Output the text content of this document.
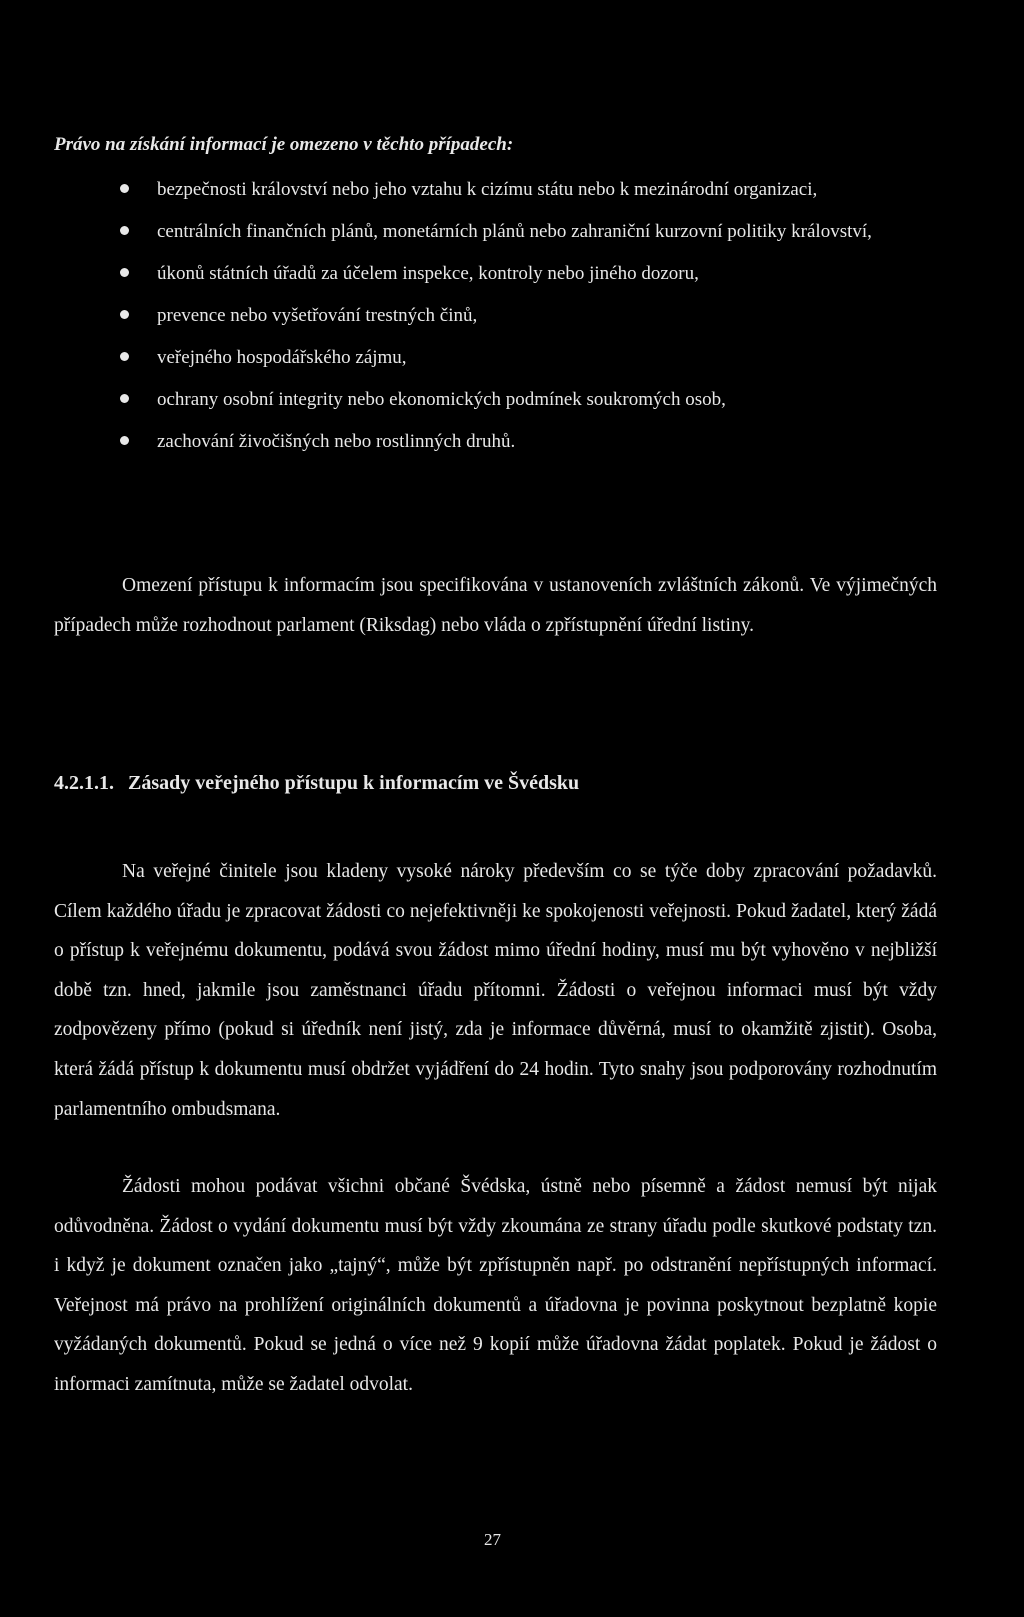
Právo na získání informací je omezeno v těchto případech:

bezpečnosti království nebo jeho vztahu k cizímu státu nebo k mezinárodní organizaci,
centrálních finančních plánů, monetárních plánů nebo zahraniční kurzovní politiky království,
úkonů státních úřadů za účelem inspekce, kontroly nebo jiného dozoru,
prevence nebo vyšetřování trestných činů,
veřejného hospodářského zájmu,
ochrany osobní integrity nebo ekonomických podmínek soukromých osob,
zachování živočišných nebo rostlinných druhů.

Omezení přístupu k informacím jsou specifikována v ustanoveních zvláštních zákonů. Ve výjimečných případech může rozhodnout parlament (Riksdag) nebo vláda o zpřístupnění úřední listiny.

4.2.1.1. Zásady veřejného přístupu k informacím ve Švédsku

Na veřejné činitele jsou kladeny vysoké nároky především co se týče doby zpracování požadavků. Cílem každého úřadu je zpracovat žádosti co nejefektivněji ke spokojenosti veřejnosti. Pokud žadatel, který žádá o přístup k veřejnému dokumentu, podává svou žádost mimo úřední hodiny, musí mu být vyhověno v nejbližší době tzn. hned, jakmile jsou zaměstnanci úřadu přítomni. Žádosti o veřejnou informaci musí být vždy zodpovězeny přímo (pokud si úředník není jistý, zda je informace důvěrná, musí to okamžitě zjistit). Osoba, která žádá přístup k dokumentu musí obdržet vyjádření do 24 hodin. Tyto snahy jsou podporovány rozhodnutím parlamentního ombudsmana.

Žádosti mohou podávat všichni občané Švédska, ústně nebo písemně a žádost nemusí být nijak odůvodněna. Žádost o vydání dokumentu musí být vždy zkoumána ze strany úřadu podle skutkové podstaty tzn. i když je dokument označen jako „tajný“, může být zpřístupněn např. po odstranění nepřístupných informací. Veřejnost má právo na prohlížení originálních dokumentů a úřadovna je povinna poskytnout bezplatně kopie vyžádaných dokumentů. Pokud se jedná o více než 9 kopií může úřadovna žádat poplatek. Pokud je žádost o informaci zamítnuta, může se žadatel odvolat.

27
